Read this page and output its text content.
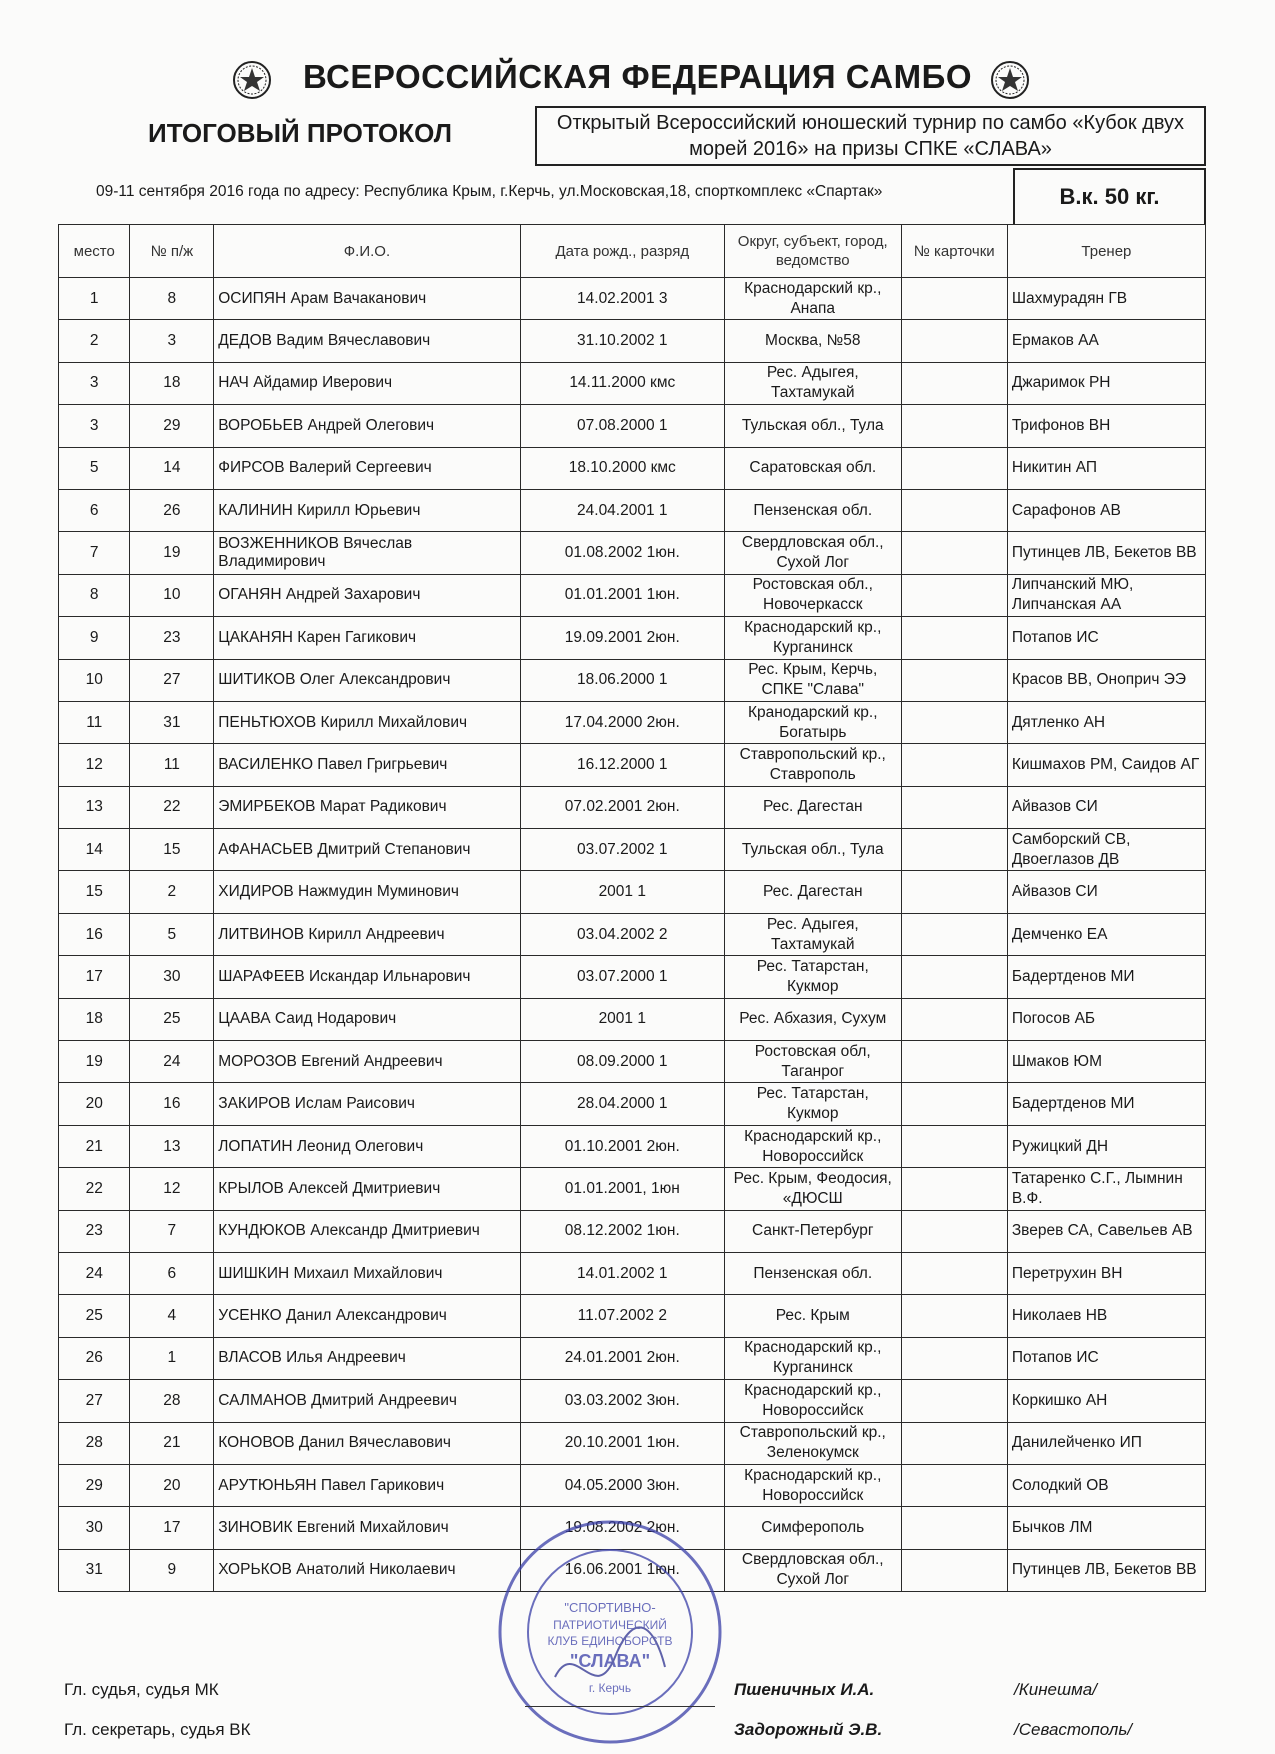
ВСЕРОССИЙСКАЯ ФЕДЕРАЦИЯ САМБО
ИТОГОВЫЙ ПРОТОКОЛ	Открытый Всероссийский юношеский турнир по самбо «Кубок двух морей 2016» на призы СПКЕ «СЛАВА»
09-11 сентября 2016 года по адресу: Республика Крым, г.Керчь, ул.Московская,18, спорткомплекс «Спартак»	В.к. 50 кг.
место	№ п/ж	Ф.И.О.	Дата рожд., разряд	Округ, субъект, город, ведомство	№ карточки	Тренер
1	8	ОСИПЯН Арам Вачаканович	14.02.2001 3	Краснодарский кр., Анапа		Шахмурадян ГВ

2	3	ДЕДОВ Вадим Вячеславович	31.10.2002 1	Москва, №58		Ермаков АА

3	18	НАЧ Айдамир Иверович	14.11.2000 кмс	Рес. Адыгея, Тахтамукай		Джаримок РН

3	29	ВОРОБЬЕВ Андрей Олегович	07.08.2000 1	Тульская обл., Тула		Трифонов ВН

5	14	ФИРСОВ Валерий Сергеевич	18.10.2000 кмс	Саратовская обл.		Никитин АП

6	26	КАЛИНИН Кирилл Юрьевич	24.04.2001 1	Пензенская обл.		Сарафонов АВ

7	19	ВОЗЖЕННИКОВ Вячеслав Владимирович	01.08.2002 1юн.	Свердловская обл., Сухой Лог		Путинцев ЛВ, Бекетов ВВ

8	10	ОГАНЯН Андрей Захарович	01.01.2001 1юн.	Ростовская обл., Новочеркасск		Липчанский МЮ, Липчанская АА

9	23	ЦАКАНЯН Карен Гагикович	19.09.2001 2юн.	Краснодарский кр., Курганинск		Потапов ИС

10	27	ШИТИКОВ Олег Александрович	18.06.2000 1	Рес. Крым, Керчь, СПКЕ "Слава"		Красов ВВ, Оноприч ЭЭ

11	31	ПЕНЬТЮХОВ Кирилл Михайлович	17.04.2000 2юн.	Кранодарский кр., Богатырь		Дятленко АН

12	11	ВАСИЛЕНКО Павел Григрьевич	16.12.2000 1	Ставропольский кр., Ставрополь		Кишмахов РМ, Саидов АГ

13	22	ЭМИРБЕКОВ Марат Радикович	07.02.2001 2юн.	Рес. Дагестан		Айвазов СИ

14	15	АФАНАСЬЕВ Дмитрий Степанович	03.07.2002 1	Тульская обл., Тула		Самборский СВ, Двоеглазов ДВ

15	2	ХИДИРОВ Нажмудин Муминович	2001 1	Рес. Дагестан		Айвазов СИ

16	5	ЛИТВИНОВ Кирилл Андреевич	03.04.2002 2	Рес. Адыгея, Тахтамукай		Демченко ЕА

17	30	ШАРАФЕЕВ Искандар Ильнарович	03.07.2000 1	Рес. Татарстан, Кукмор		Бадертденов МИ

18	25	ЦААВА Саид Нодарович	2001 1	Рес. Абхазия, Сухум		Погосов АБ

19	24	МОРОЗОВ Евгений Андреевич	08.09.2000 1	Ростовская обл, Таганрог		Шмаков ЮМ

20	16	ЗАКИРОВ Ислам Раисович	28.04.2000 1	Рес. Татарстан, Кукмор		Бадертденов МИ

21	13	ЛОПАТИН Леонид Олегович	01.10.2001 2юн.	Краснодарский кр., Новороссийск		Ружицкий ДН

22	12	КРЫЛОВ Алексей Дмитриевич	01.01.2001, 1юн	Рес. Крым, Феодосия, «ДЮСШ		Татаренко С.Г., Лымнин В.Ф.

23	7	КУНДЮКОВ Александр Дмитриевич	08.12.2002 1юн.	Санкт-Петербург		Зверев СА, Савельев АВ

24	6	ШИШКИН Михаил Михайлович	14.01.2002 1	Пензенская обл.		Перетрухин ВН

25	4	УСЕНКО Данил Александрович	11.07.2002 2	Рес. Крым		Николаев НВ

26	1	ВЛАСОВ Илья Андреевич	24.01.2001 2юн.	Краснодарский кр., Курганинск		Потапов ИС

27	28	САЛМАНОВ Дмитрий Андреевич	03.03.2002 3юн.	Краснодарский кр., Новороссийск		Коркишко АН

28	21	КОНОВОВ Данил Вячеславович	20.10.2001 1юн.	Ставропольский кр., Зеленокумск		Данилейченко ИП

29	20	АРУТЮНЬЯН Павел Гарикович	04.05.2000 3юн.	Краснодарский кр., Новороссийск		Солодкий ОВ

30	17	ЗИНОВИК Евгений Михайлович	19.08.2002 2юн.	Симферополь		Бычков ЛМ

31	9	ХОРЬКОВ Анатолий Николаевич	16.06.2001 1юн.	Свердловская обл., Сухой Лог		Путинцев ЛВ, Бекетов ВВ
"СПОРТИВНО-
ПАТРИОТИЧЕСКИЙ
КЛУБ ЕДИНОБОРСТВ
"СЛАВА"
г. Керчь
Гл. судья, судья МК	Пшеничных И.А.	/Кинешма/
Гл. секретарь, судья ВК	Задорожный Э.В.	/Севастополь/
